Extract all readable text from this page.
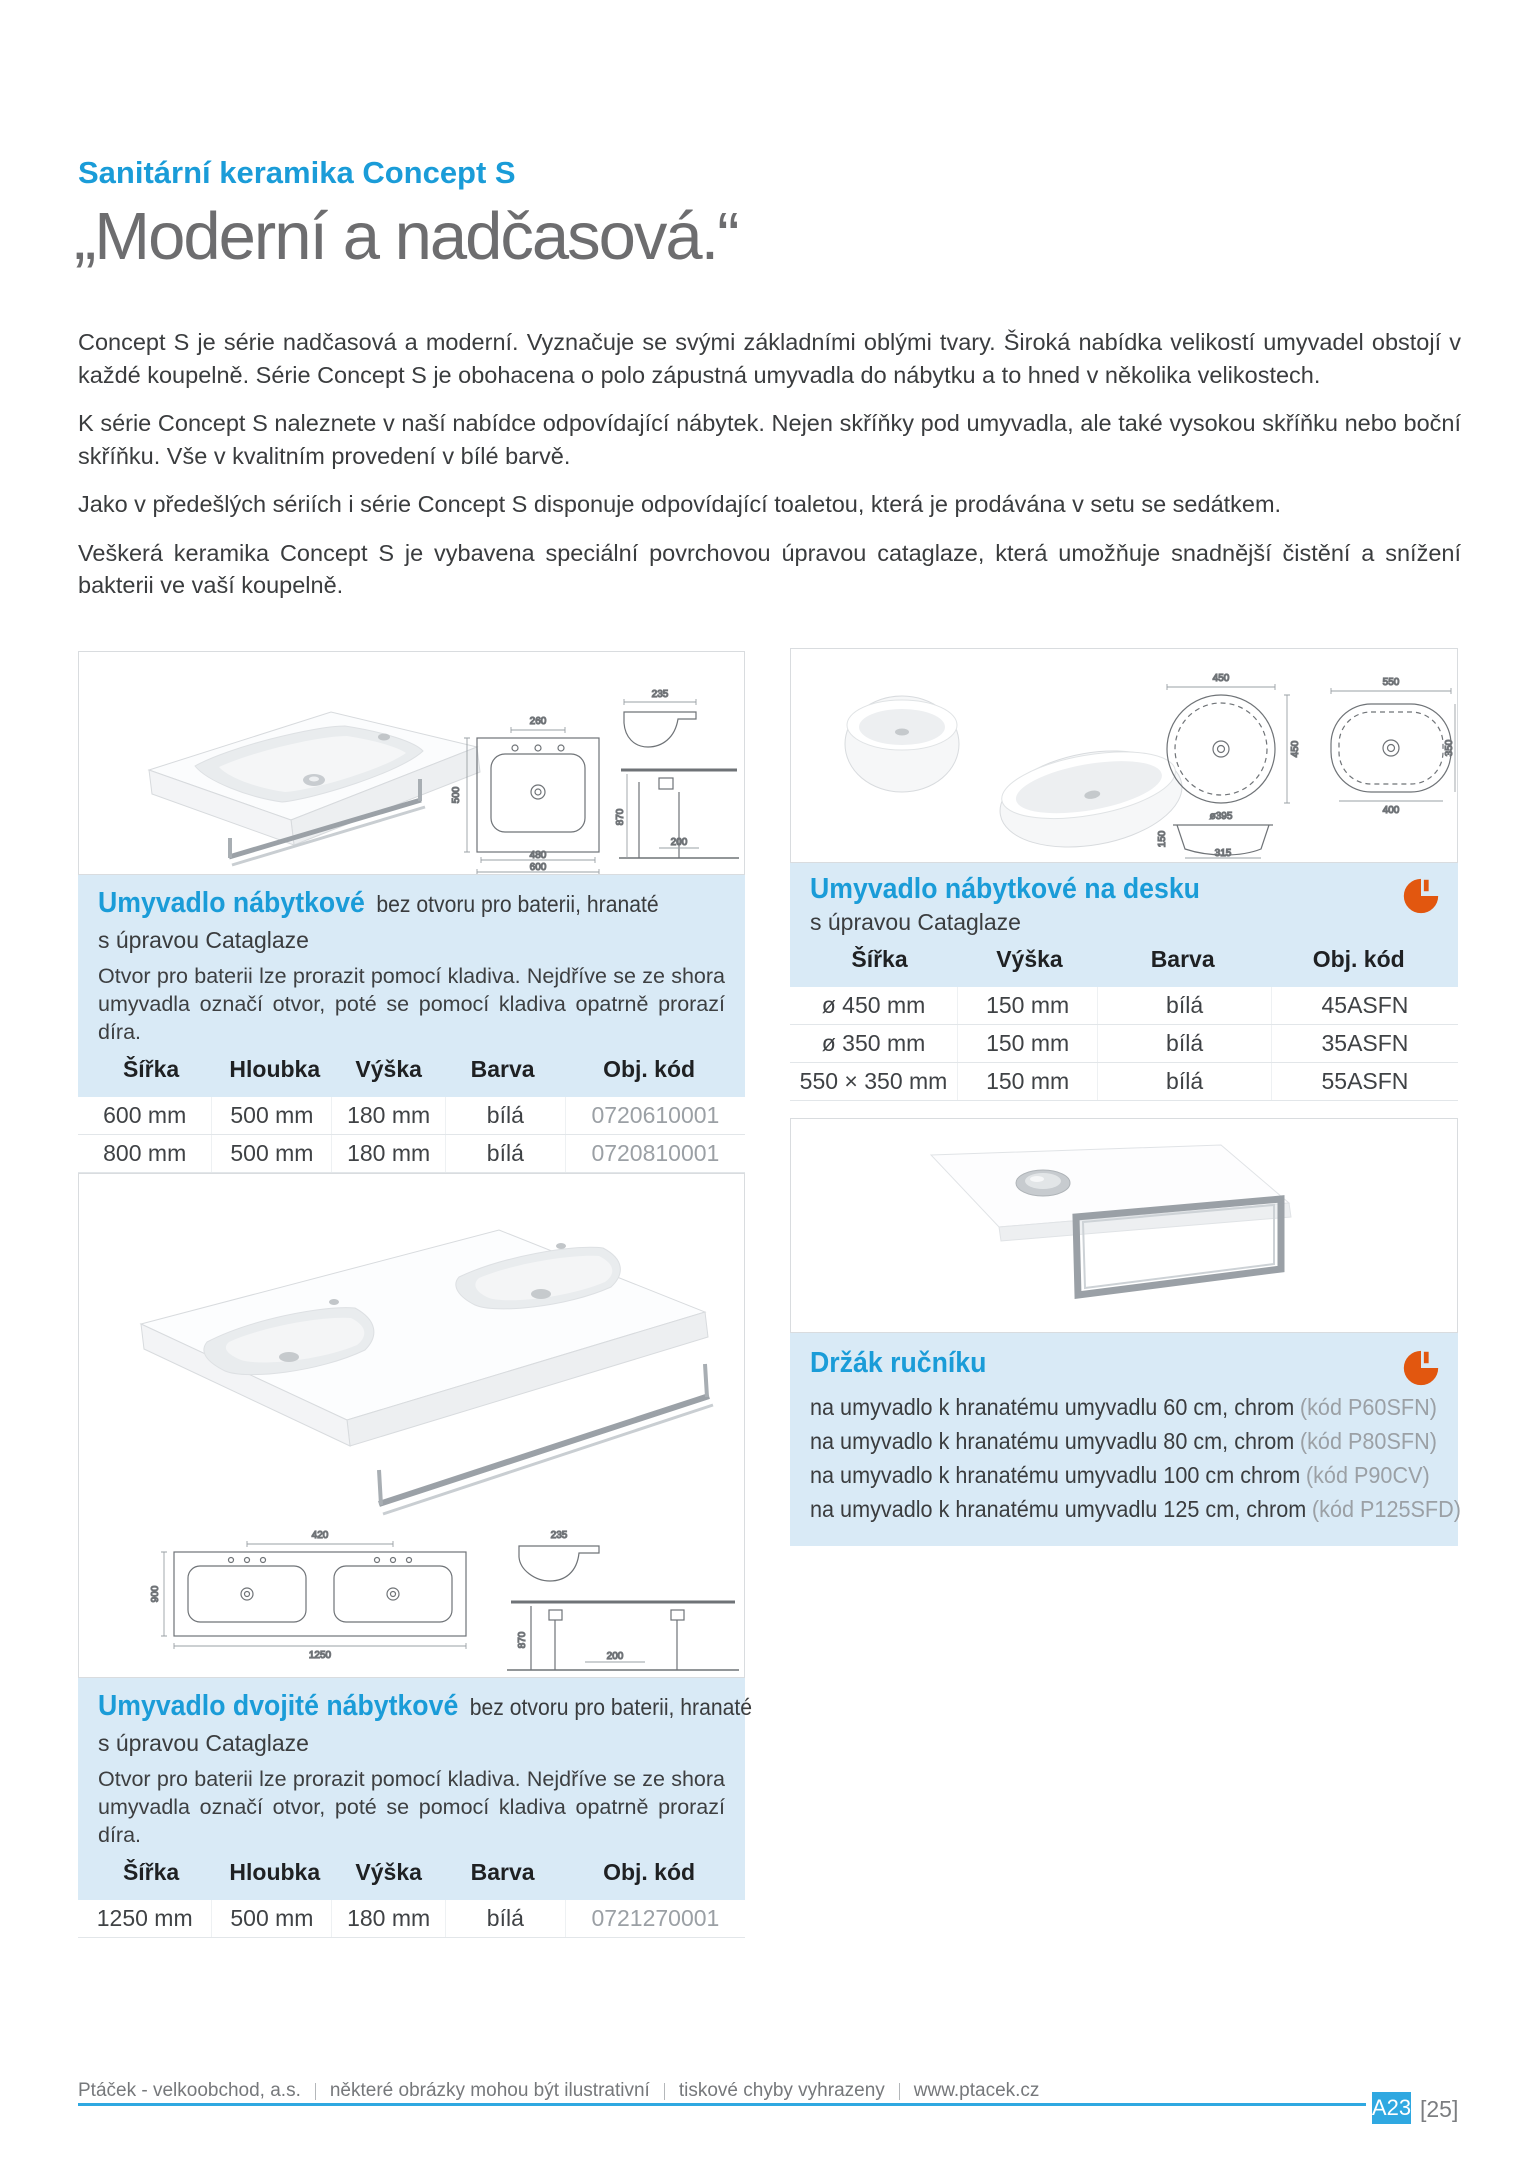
Sanitární keramika Concept S
„Moderní a nadčasová.“

Concept S je série nadčasová a moderní. Vyznačuje se svými základními oblými tvary. Široká nabídka velikostí umyvadel obstojí v každé koupelně. Série Concept S je obohacena o polo zápustná umyvadla do nábytku a to hned v několika velikostech.

K série Concept S naleznete v naší nabídce odpovídající nábytek. Nejen skříňky pod umyvadla, ale také vysokou skříňku nebo boční skříňku. Vše v kvalitním provedení v bílé barvě.

Jako v předešlých sériích i série Concept S disponuje odpovídající toaletou, která je prodávána v setu se sedátkem.

Veškerá keramika Concept S je vybavena speciální povrchovou úpravou cataglaze, která umožňuje snadnější čistění a snížení bakterii ve vaší koupelně.

260
500
480
600
235
870
200
Umyvadlo nábytkové bez otvoru pro baterii, hranaté
s úpravou Cataglaze
Otvor pro baterii lze prorazit pomocí kladiva. Nejdříve se ze shora umyvadla označí otvor, poté se pomocí kladiva opatrně prorazí díra.
Šířka	Hloubka	Výška	Barva	Obj. kód
600 mm	500 mm	180 mm	bílá	0720610001
800 mm	500 mm	180 mm	bílá	0720810001
450
450
ø395
550
350
400
315
150
Umyvadlo nábytkové na desku
s úpravou Cataglaze
Šířka	Výška	Barva	Obj. kód
ø 450 mm	150 mm	bílá	45ASFN
ø 350 mm	150 mm	bílá	35ASFN
550 × 350 mm	150 mm	bílá	55ASFN
Držák ručníku
na umyvadlo k hranatému umyvadlu 60 cm, chrom (kód P60SFN)
na umyvadlo k hranatému umyvadlu 80 cm, chrom (kód P80SFN)
na umyvadlo k hranatému umyvadlu 100 cm chrom (kód P90CV)
na umyvadlo k hranatému umyvadlu 125 cm, chrom (kód P125SFD)
420
900
1250
235
870
200
Umyvadlo dvojité nábytkové bez otvoru pro baterii, hranaté
s úpravou Cataglaze
Otvor pro baterii lze prorazit pomocí kladiva. Nejdříve se ze shora umyvadla označí otvor, poté se pomocí kladiva opatrně prorazí díra.
Šířka	Hloubka	Výška	Barva	Obj. kód
1250 mm	500 mm	180 mm	bílá	0721270001
Ptáček - velkoobchod, a.s. některé obrázky mohou být ilustrativní tiskové chyby vyhrazeny www.ptacek.cz
A23 [25]
